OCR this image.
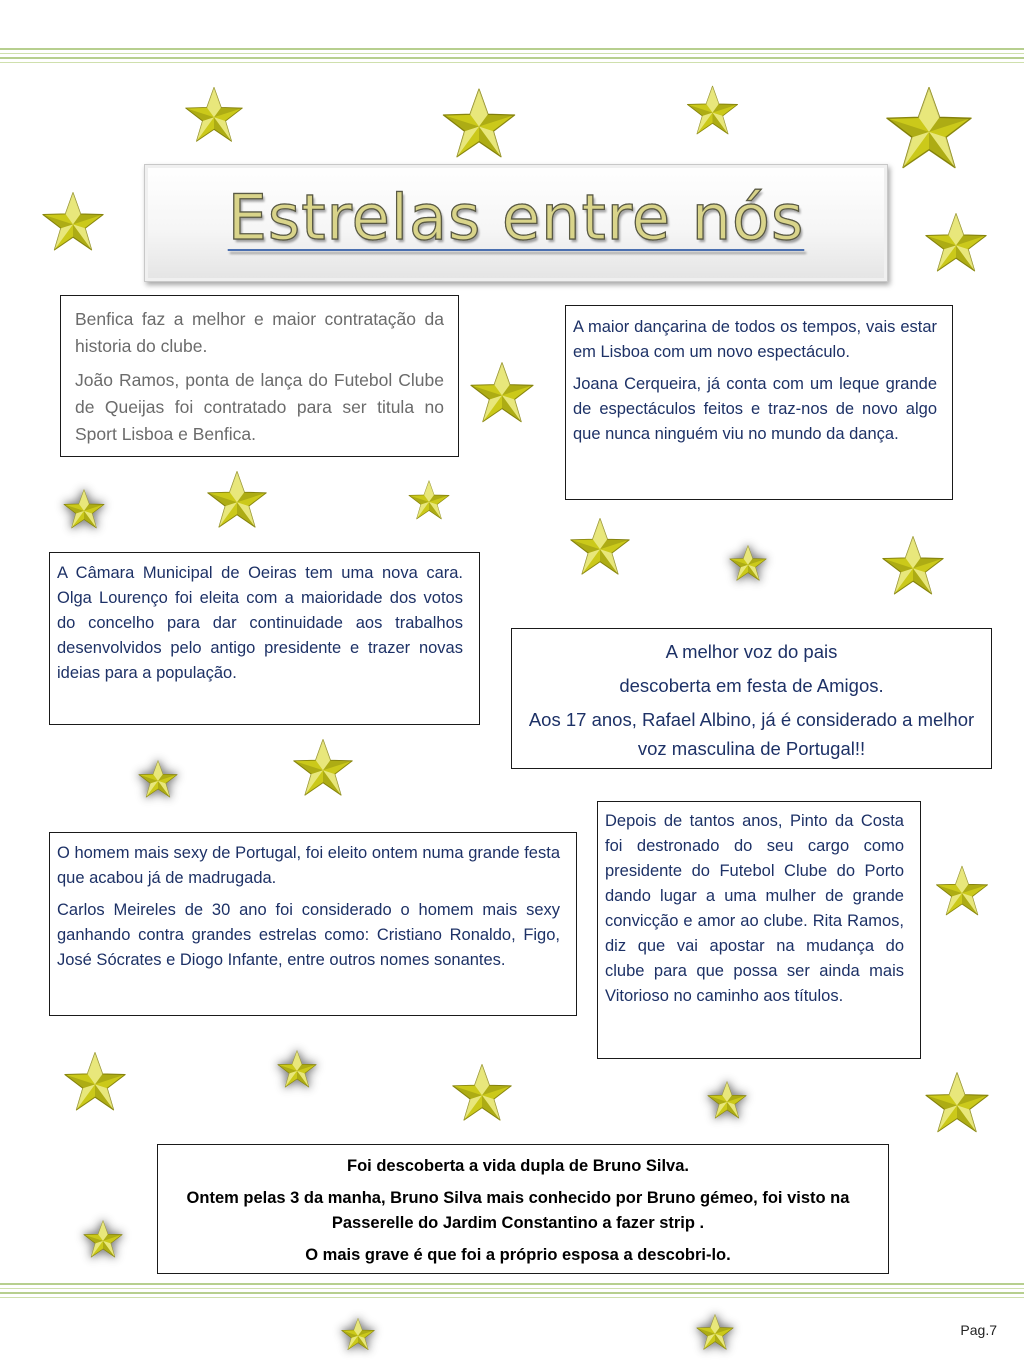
Estrelas entre nós

Benfica faz a melhor e maior contratação da historia do clube.

João Ramos, ponta de lança do Futebol Clube de Queijas foi contratado para ser titula no Sport Lisboa e Benfica.

A maior dançarina de todos os tempos, vais estar em Lisboa com um novo espectáculo.

Joana Cerqueira, já conta com um leque grande de espectáculos feitos e traz-nos de novo algo que nunca ninguém viu no mundo da dança.

A Câmara Municipal de Oeiras tem uma nova cara. Olga Lourenço foi eleita com a maioridade dos votos do concelho para dar continuidade aos trabalhos desenvolvidos pelo antigo presidente e trazer novas ideias para a população.

A melhor voz do pais

descoberta em festa de Amigos.

Aos 17 anos, Rafael Albino, já é considerado a melhor voz masculina de Portugal!!

Depois de tantos anos, Pinto da Costa foi destronado do seu cargo como presidente do Futebol Clube do Porto dando lugar a uma mulher de grande convicção e amor ao clube. Rita Ramos, diz que vai apostar na mudança do clube para que possa ser ainda mais Vitorioso no caminho aos títulos.

O homem mais sexy de Portugal, foi eleito ontem numa grande festa que acabou já de madrugada.

Carlos Meireles de 30 ano foi considerado o homem mais sexy ganhando contra grandes estrelas como: Cristiano Ronaldo, Figo, José Sócrates e Diogo Infante, entre outros nomes sonantes.

Foi descoberta a vida dupla de Bruno Silva.

Ontem pelas 3 da manha, Bruno Silva mais conhecido por Bruno gémeo, foi visto na Passerelle do Jardim Constantino a fazer strip .

O mais grave é que foi a próprio esposa a descobri-lo.

Pag.7
